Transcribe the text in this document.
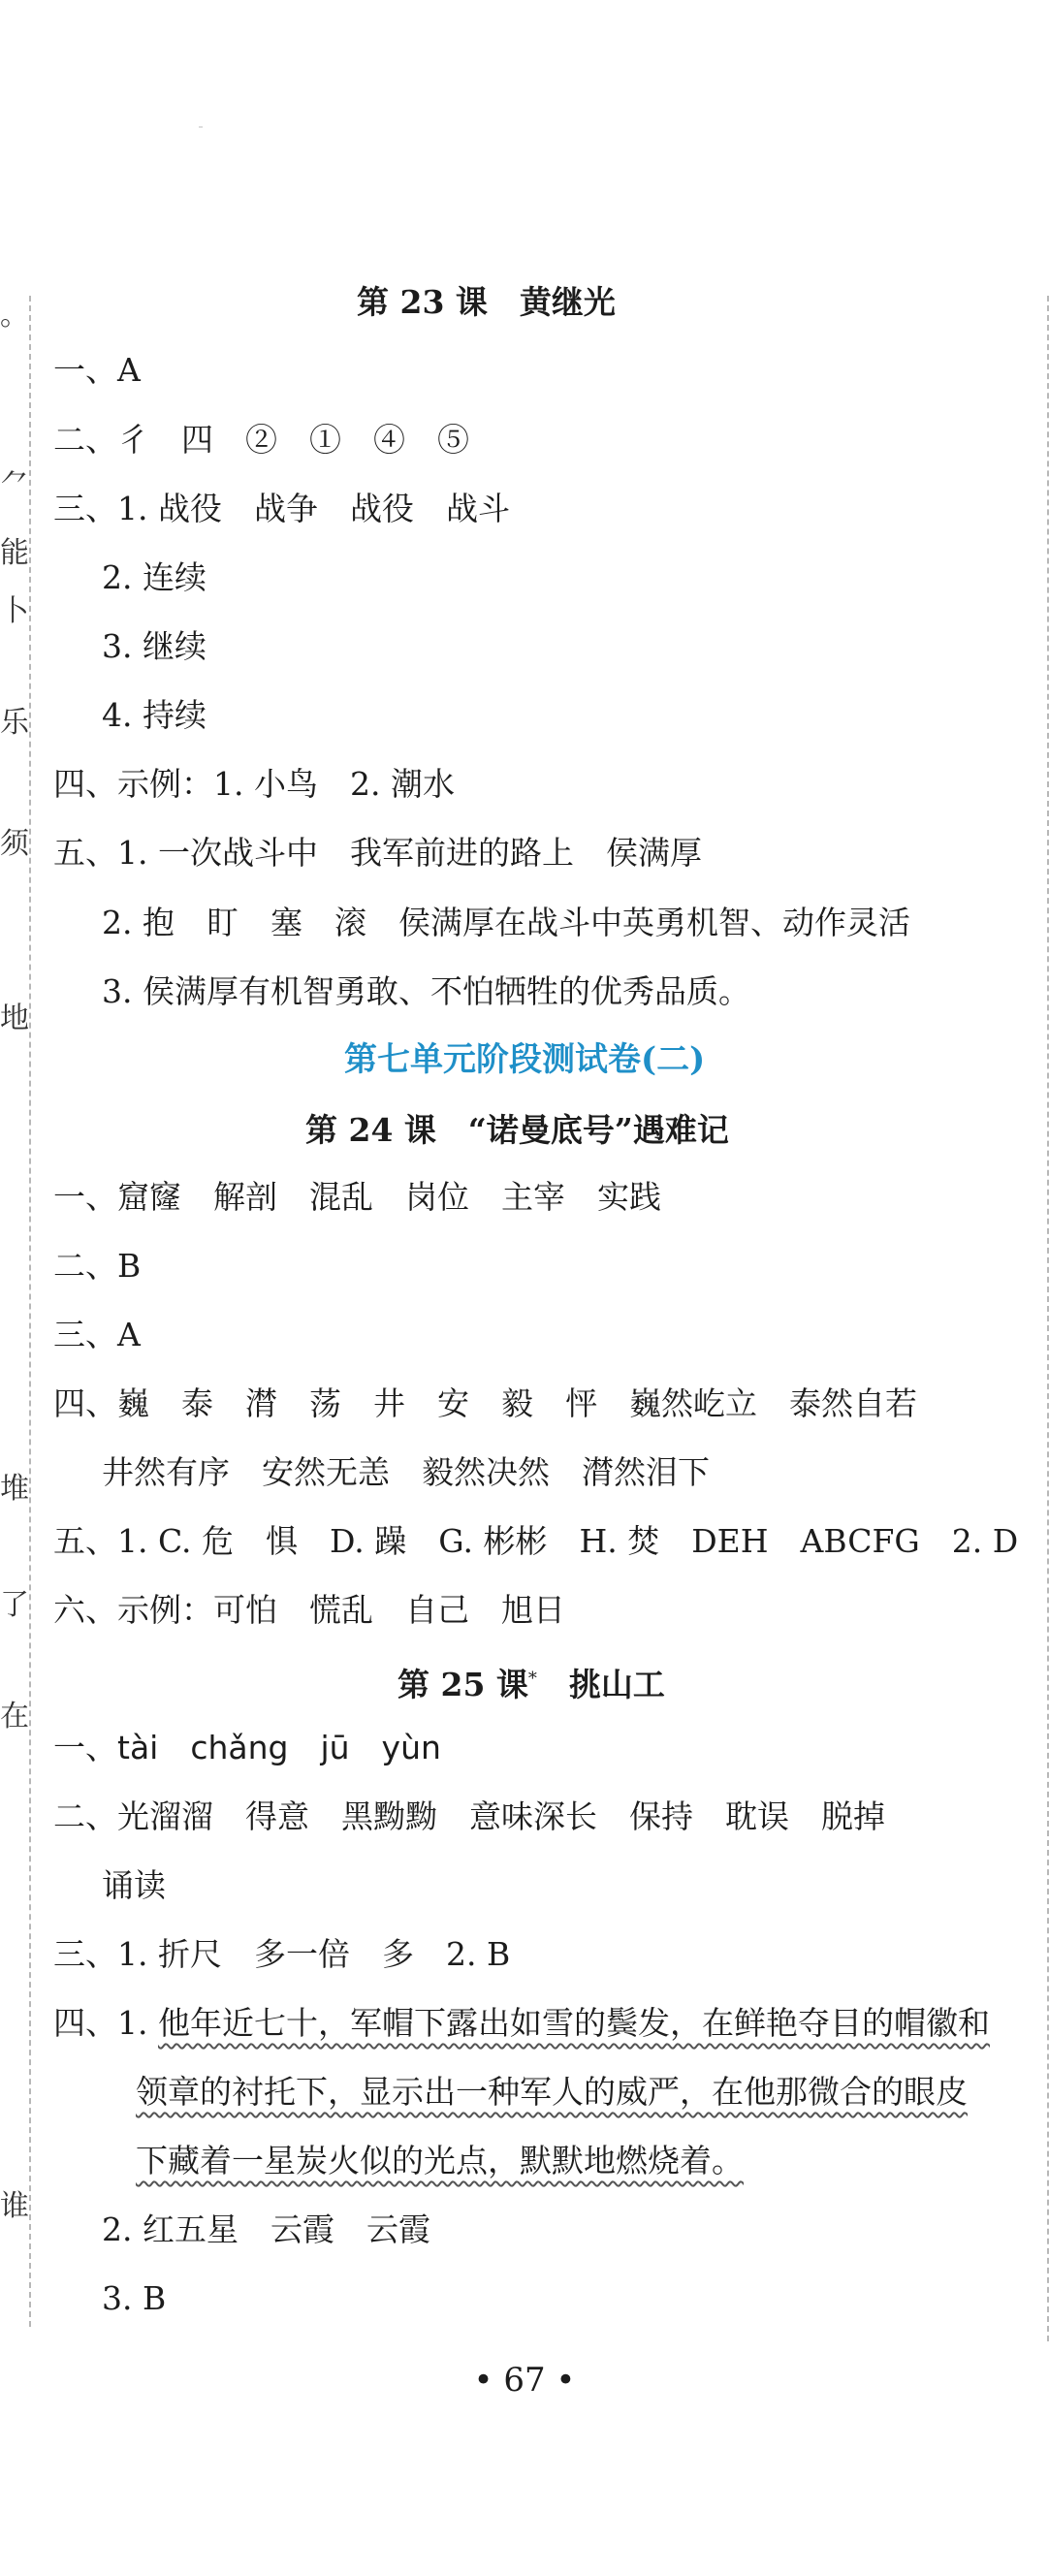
。
⺈
能
卜
乐
须
地
堆
了
在
谁
第 23 课　黄继光
一、A
二、彳　四　②　①　④　⑤
三、1. 战役　战争　战役　战斗
2. 连续
3. 继续
4. 持续
四、示例：1. 小鸟　2. 潮水
五、1. 一次战斗中　我军前进的路上　侯满厚
2. 抱　盯　塞　滚　侯满厚在战斗中英勇机智、动作灵活
3. 侯满厚有机智勇敢、不怕牺牲的优秀品质。
第七单元阶段测试卷(二)
第 24 课　“诺曼底号”遇难记
一、窟窿　解剖　混乱　岗位　主宰　实践
二、B
三、A
四、巍　泰　潸　荡　井　安　毅　怦　巍然屹立　泰然自若
井然有序　安然无恙　毅然决然　潸然泪下
五、1. C. 危　惧　D. 躁　G. 彬彬　H. 焚　DEH　ABCFG　2. D
六、示例：可怕　慌乱　自己　旭日
第 25 课*　 挑山工
一、tài　chǎng　jū　yùn
二、光溜溜　得意　黑黝黝　意味深长　保持　耽误　脱掉
诵读
三、1. 折尺　多一倍　多　2. B
四、1. 他年近七十，军帽下露出如雪的鬓发，在鲜艳夺目的帽徽和
领章的衬托下，显示出一种军人的威严，在他那微合的眼皮
下藏着一星炭火似的光点，默默地燃烧着。
2. 红五星　云霞　云霞
3. B
• 67 •
